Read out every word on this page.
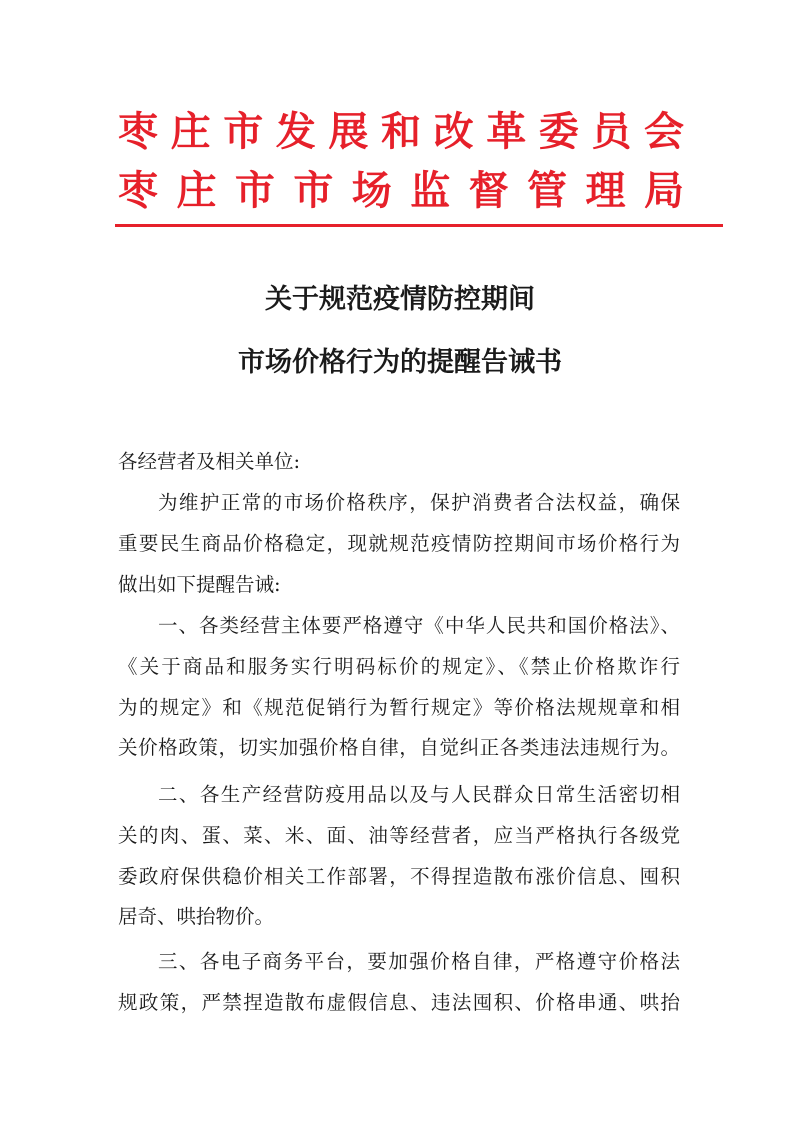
枣庄市发展和改革委员会
枣庄市市场监督管理局
关于规范疫情防控期间
市场价格行为的提醒告诫书
各经营者及相关单位:
为维护正常的市场价格秩序，保护消费者合法权益，确保
重要民生商品价格稳定，现就规范疫情防控期间市场价格行为
做出如下提醒告诫:
一、各类经营主体要严格遵守《中华人民共和国价格法》、
《关于商品和服务实行明码标价的规定》、《禁止价格欺诈行
为的规定》和《规范促销行为暂行规定》等价格法规规章和相
关价格政策，切实加强价格自律，自觉纠正各类违法违规行为。
二、各生产经营防疫用品以及与人民群众日常生活密切相
关的肉、蛋、菜、米、面、油等经营者，应当严格执行各级党
委政府保供稳价相关工作部署，不得捏造散布涨价信息、囤积
居奇、哄抬物价。
三、各电子商务平台，要加强价格自律，严格遵守价格法
规政策，严禁捏造散布虚假信息、违法囤积、价格串通、哄抬
